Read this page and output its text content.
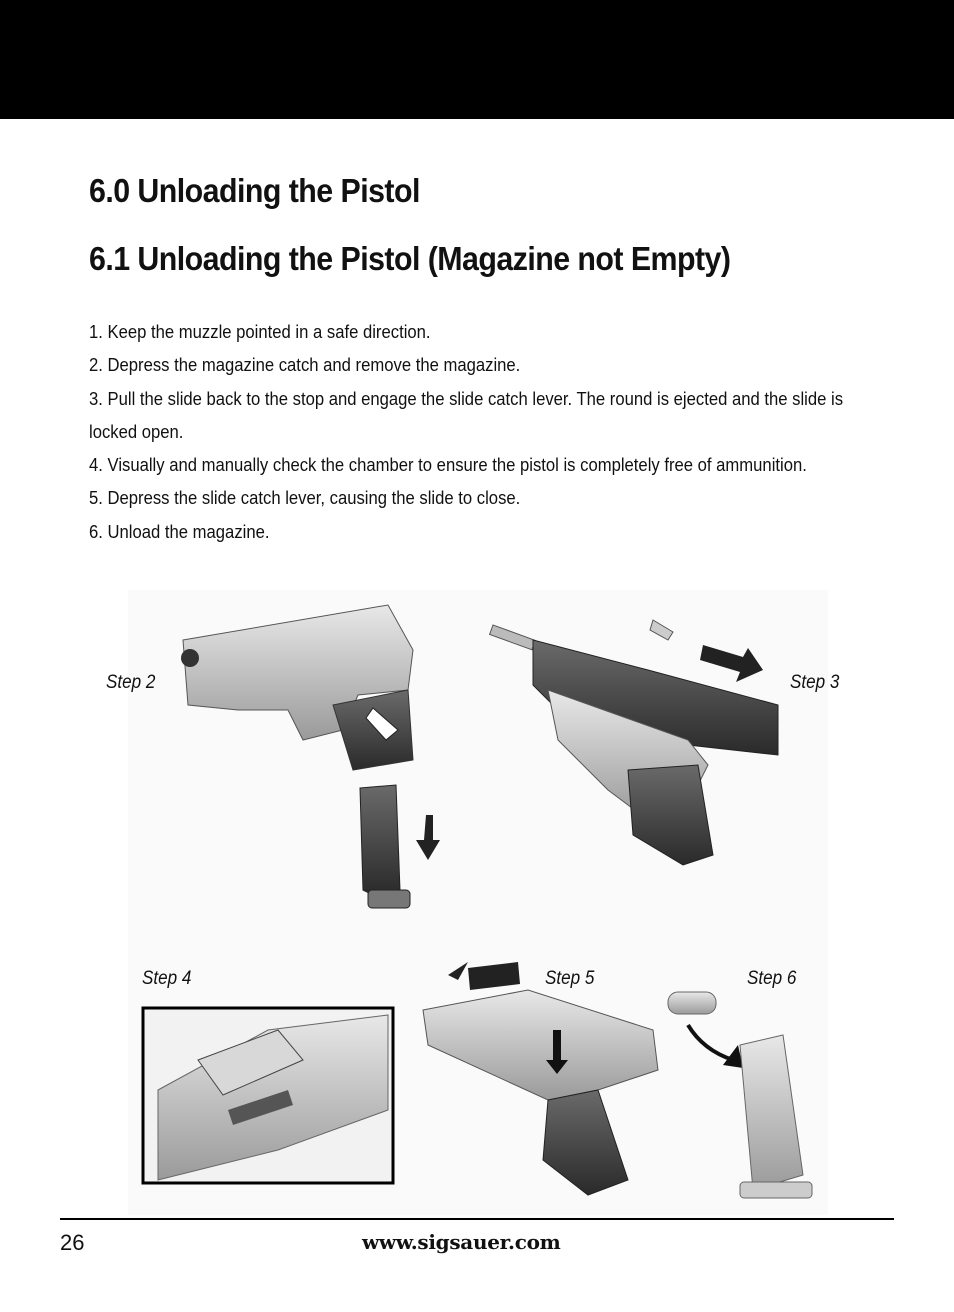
6.0 Unloading the Pistol
6.1 Unloading the Pistol (Magazine not Empty)
1. Keep the muzzle pointed in a safe direction.
2. Depress the magazine catch and remove the magazine.
3. Pull the slide back to the stop and engage the slide catch lever. The round is ejected and the slide is locked open.
4. Visually and manually check the chamber to ensure the pistol is completely free of ammunition.
5. Depress the slide catch lever, causing the slide to close.
6. Unload the magazine.
Step 2	Step 3
Step 4	Step 5	Step 6
26	www.sigsauer.com
